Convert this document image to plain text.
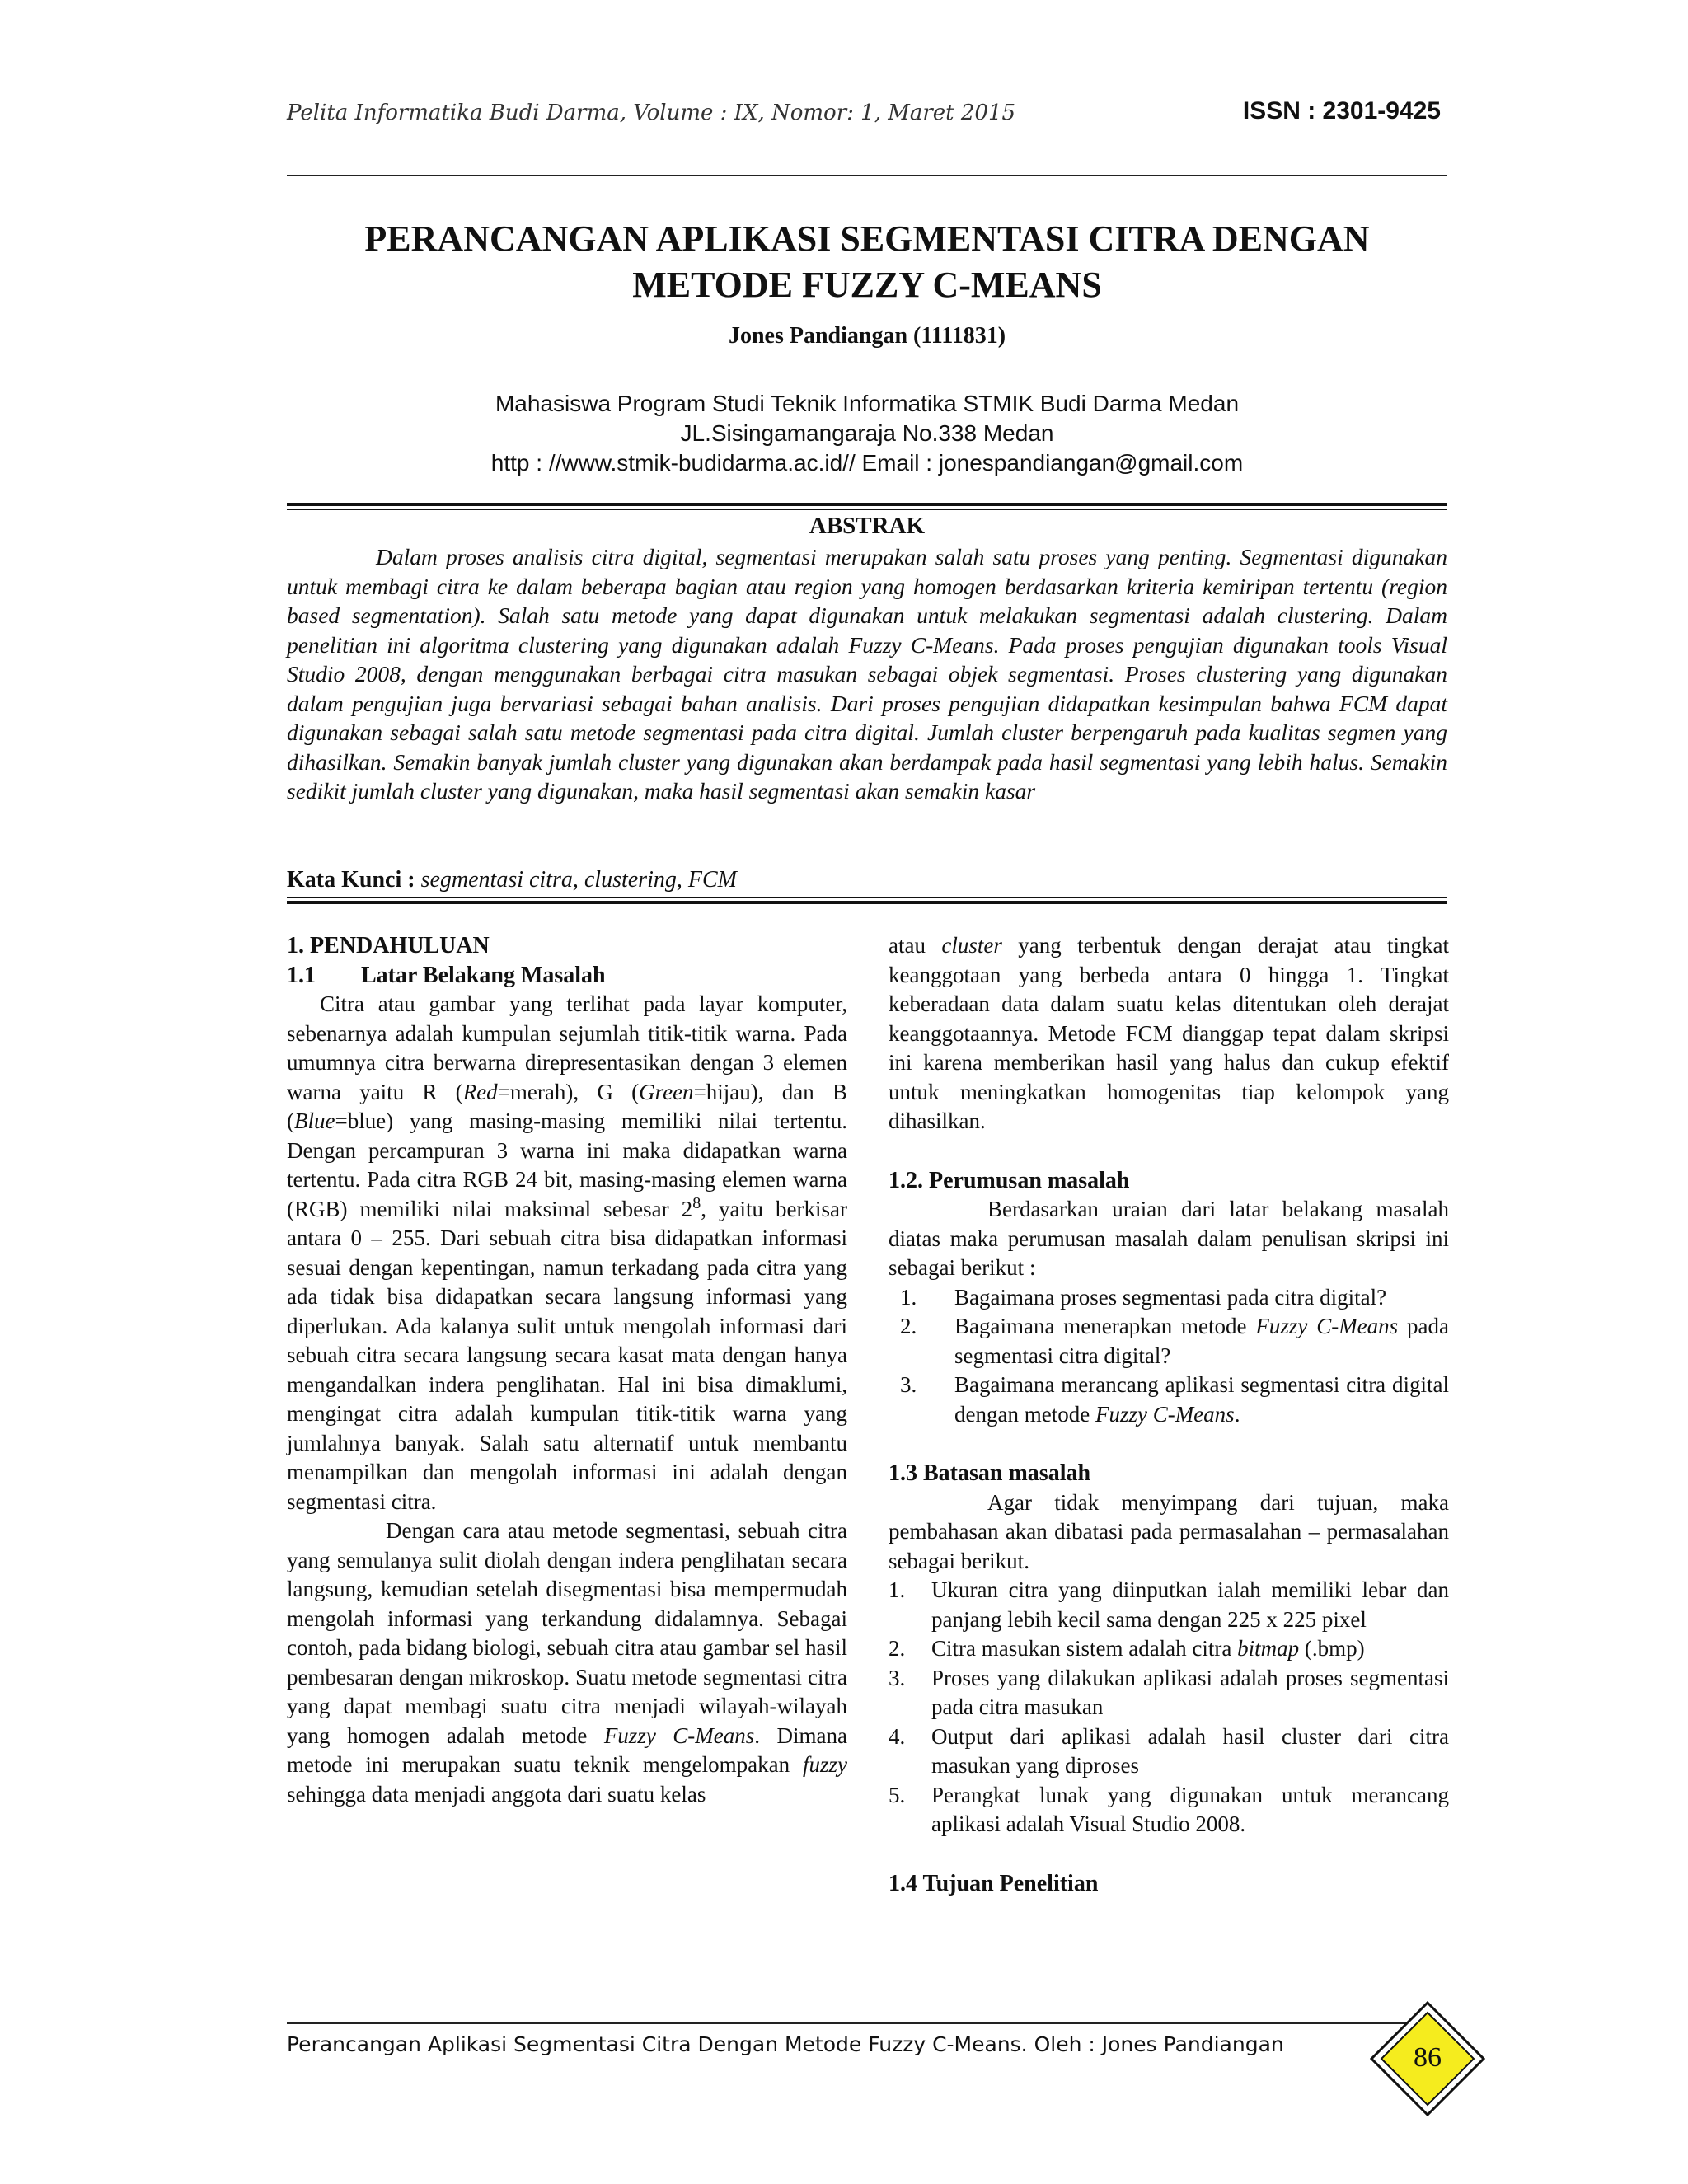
Pelita Informatika Budi Darma, Volume : IX, Nomor: 1, Maret 2015	ISSN : 2301-9425
PERANCANGAN APLIKASI SEGMENTASI CITRA DENGAN
METODE FUZZY C-MEANS
Jones Pandiangan (1111831)
Mahasiswa Program Studi Teknik Informatika STMIK Budi Darma Medan
JL.Sisingamangaraja No.338 Medan
http : //www.stmik-budidarma.ac.id// Email : jonespandiangan@gmail.com
ABSTRAK
Dalam proses analisis citra digital, segmentasi merupakan salah satu proses yang penting. Segmentasi digunakan untuk membagi citra ke dalam beberapa bagian atau region yang homogen berdasarkan kriteria kemiripan tertentu (region based segmentation). Salah satu metode yang dapat digunakan untuk melakukan segmentasi adalah clustering. Dalam penelitian ini algoritma clustering yang digunakan adalah Fuzzy C-Means. Pada proses pengujian digunakan tools Visual Studio 2008, dengan menggunakan berbagai citra masukan sebagai objek segmentasi. Proses clustering yang digunakan dalam pengujian juga bervariasi sebagai bahan analisis. Dari proses pengujian didapatkan kesimpulan bahwa FCM dapat digunakan sebagai salah satu metode segmentasi pada citra digital. Jumlah cluster berpengaruh pada kualitas segmen yang dihasilkan. Semakin banyak jumlah cluster yang digunakan akan berdampak pada hasil segmentasi yang lebih halus. Semakin sedikit jumlah cluster yang digunakan, maka hasil segmentasi akan semakin kasar
Kata Kunci : segmentasi citra, clustering, FCM

1. PENDAHULUAN

1.1 Latar Belakang Masalah

Citra atau gambar yang terlihat pada layar komputer, sebenarnya adalah kumpulan sejumlah titik-titik warna. Pada umumnya citra berwarna direpresentasikan dengan 3 elemen warna yaitu R (Red=merah), G (Green=hijau), dan B (Blue=blue) yang masing-masing memiliki nilai tertentu. Dengan percampuran 3 warna ini maka didapatkan warna tertentu. Pada citra RGB 24 bit, masing-masing elemen warna (RGB) memiliki nilai maksimal sebesar $2^8$, yaitu berkisar antara 0 – 255. Dari sebuah citra bisa didapatkan informasi sesuai dengan kepentingan, namun terkadang pada citra yang ada tidak bisa didapatkan secara langsung informasi yang diperlukan. Ada kalanya sulit untuk mengolah informasi dari sebuah citra secara langsung secara kasat mata dengan hanya mengandalkan indera penglihatan. Hal ini bisa dimaklumi, mengingat citra adalah kumpulan titik-titik warna yang jumlahnya banyak. Salah satu alternatif untuk membantu menampilkan dan mengolah informasi ini adalah dengan segmentasi citra.

Dengan cara atau metode segmentasi, sebuah citra yang semulanya sulit diolah dengan indera penglihatan secara langsung, kemudian setelah disegmentasi bisa mempermudah mengolah informasi yang terkandung didalamnya. Sebagai contoh, pada bidang biologi, sebuah citra atau gambar sel hasil pembesaran dengan mikroskop. Suatu metode segmentasi citra yang dapat membagi suatu citra menjadi wilayah-wilayah yang homogen adalah metode Fuzzy C-Means. Dimana metode ini merupakan suatu teknik mengelompakan fuzzy sehingga data menjadi anggota dari suatu kelas

atau cluster yang terbentuk dengan derajat atau tingkat keanggotaan yang berbeda antara 0 hingga 1. Tingkat keberadaan data dalam suatu kelas ditentukan oleh derajat keanggotaannya. Metode FCM dianggap tepat dalam skripsi ini karena memberikan hasil yang halus dan cukup efektif untuk meningkatkan homogenitas tiap kelompok yang dihasilkan.

1.2. Perumusan masalah

Berdasarkan uraian dari latar belakang masalah diatas maka perumusan masalah dalam penulisan skripsi ini sebagai berikut :

1. Bagaimana proses segmentasi pada citra digital?
2. Bagaimana menerapkan metode Fuzzy C-Means pada segmentasi citra digital?
3. Bagaimana merancang aplikasi segmentasi citra digital dengan metode Fuzzy C-Means.

1.3 Batasan masalah

Agar tidak menyimpang dari tujuan, maka pembahasan akan dibatasi pada permasalahan – permasalahan sebagai berikut.

1. Ukuran citra yang diinputkan ialah memiliki lebar dan panjang lebih kecil sama dengan 225 x 225 pixel
2. Citra masukan sistem adalah citra bitmap (.bmp)
3. Proses yang dilakukan aplikasi adalah proses segmentasi pada citra masukan
4. Output dari aplikasi adalah hasil cluster dari citra masukan yang diproses
5. Perangkat lunak yang digunakan untuk merancang aplikasi adalah Visual Studio 2008.

1.4 Tujuan Penelitian

Perancangan Aplikasi Segmentasi Citra Dengan Metode Fuzzy C-Means. Oleh : Jones Pandiangan	86
